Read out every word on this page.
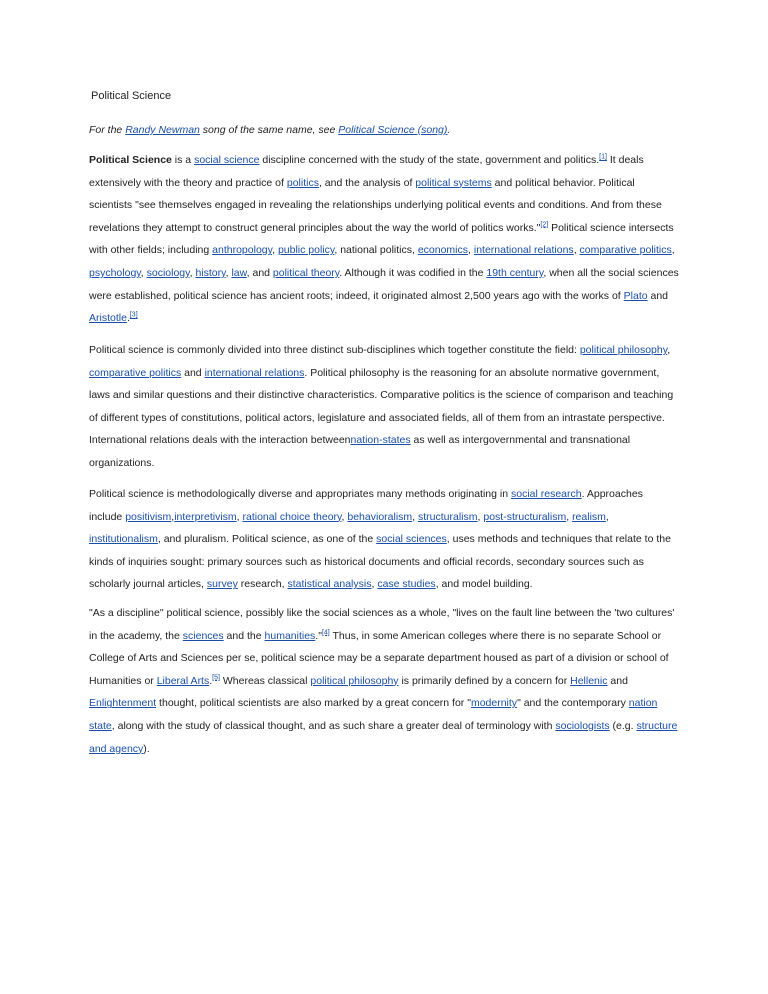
Political Science
For the Randy Newman song of the same name, see Political Science (song).
Political Science is a social science discipline concerned with the study of the state, government and politics.[1] It deals extensively with the theory and practice of politics, and the analysis of political systems and political behavior. Political scientists "see themselves engaged in revealing the relationships underlying political events and conditions. And from these revelations they attempt to construct general principles about the way the world of politics works."[2] Political science intersects with other fields; including anthropology, public policy, national politics, economics, international relations, comparative politics, psychology, sociology, history, law, and political theory. Although it was codified in the 19th century, when all the social sciences were established, political science has ancient roots; indeed, it originated almost 2,500 years ago with the works of Plato and Aristotle.[3]
Political science is commonly divided into three distinct sub-disciplines which together constitute the field: political philosophy, comparative politics and international relations. Political philosophy is the reasoning for an absolute normative government, laws and similar questions and their distinctive characteristics. Comparative politics is the science of comparison and teaching of different types of constitutions, political actors, legislature and associated fields, all of them from an intrastate perspective. International relations deals with the interaction betweennation-states as well as intergovernmental and transnational organizations.
Political science is methodologically diverse and appropriates many methods originating in social research. Approaches include positivism,interpretivism, rational choice theory, behavioralism, structuralism, post-structuralism, realism, institutionalism, and pluralism. Political science, as one of the social sciences, uses methods and techniques that relate to the kinds of inquiries sought: primary sources such as historical documents and official records, secondary sources such as scholarly journal articles, survey research, statistical analysis, case studies, and model building.
"As a discipline" political science, possibly like the social sciences as a whole, "lives on the fault line between the 'two cultures' in the academy, the sciences and the humanities."[4] Thus, in some American colleges where there is no separate School or College of Arts and Sciences per se, political science may be a separate department housed as part of a division or school of Humanities or Liberal Arts.[5] Whereas classical political philosophy is primarily defined by a concern for Hellenic and Enlightenment thought, political scientists are also marked by a great concern for "modernity" and the contemporary nation state, along with the study of classical thought, and as such share a greater deal of terminology with sociologists (e.g. structure and agency).
